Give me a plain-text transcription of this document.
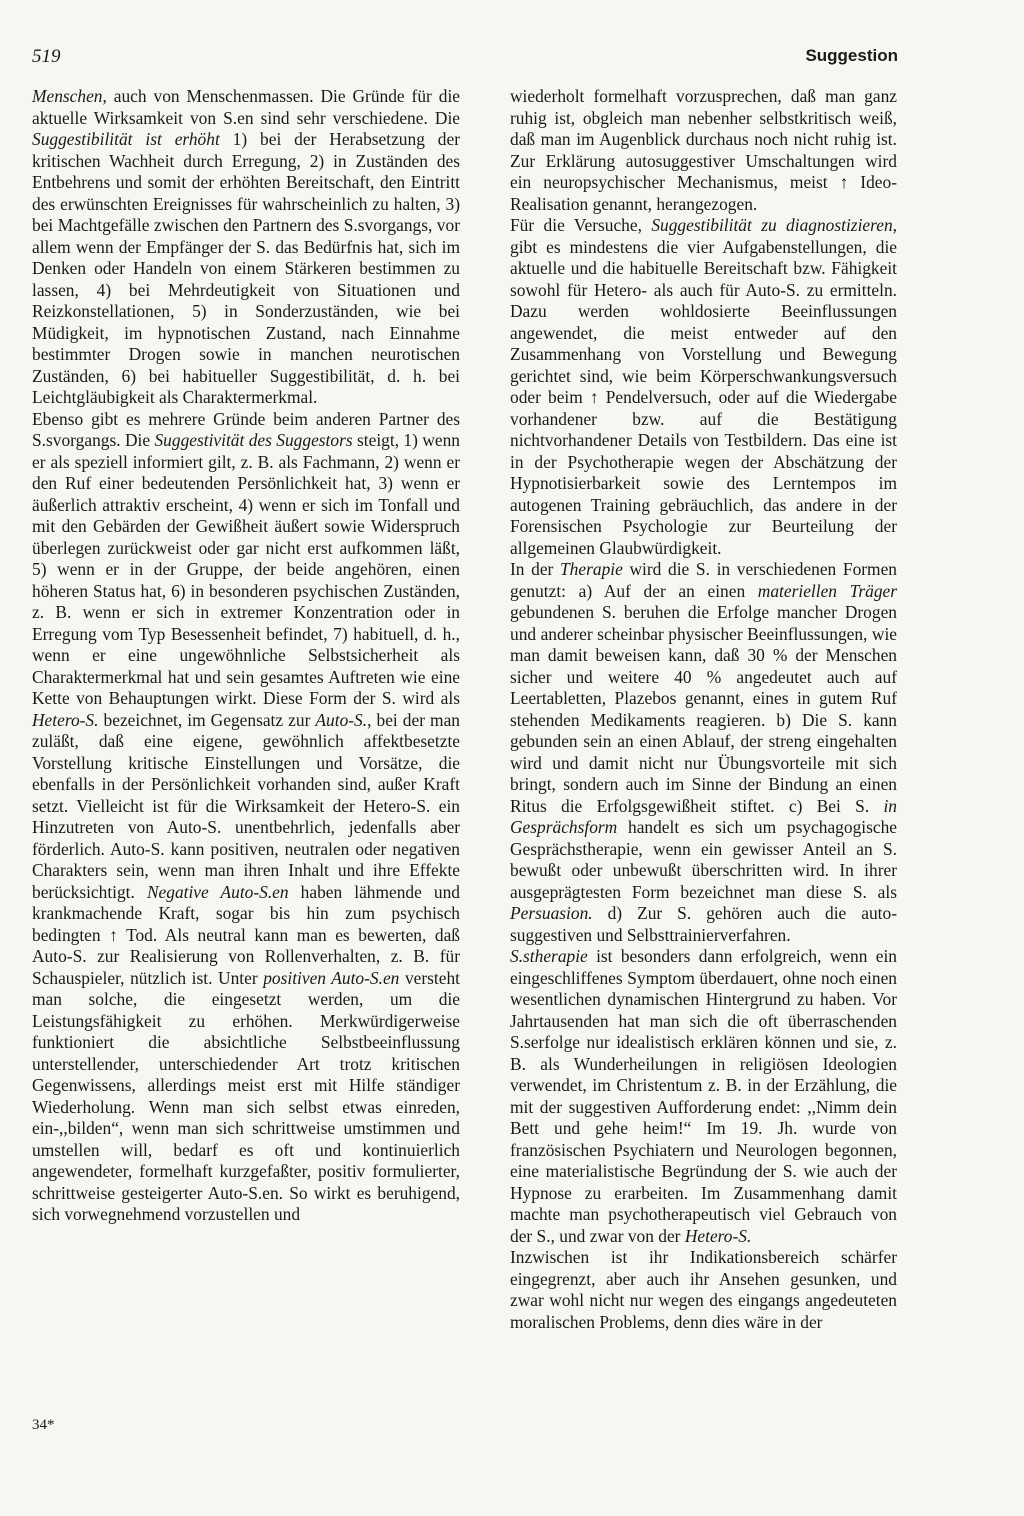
519	Suggestion

Menschen, auch von Menschenmassen. Die Gründe für die aktuelle Wirksamkeit von S.en sind sehr verschiedene. Die Suggestibilität ist erhöht 1) bei der Herabsetzung der kritischen Wachheit durch Erregung, 2) in Zuständen des Entbehrens und somit der erhöhten Bereitschaft, den Eintritt des erwünschten Ereignisses für wahrscheinlich zu halten, 3) bei Machtgefälle zwischen den Partnern des S.svorgangs, vor allem wenn der Empfänger der S. das Bedürfnis hat, sich im Denken oder Handeln von einem Stärkeren bestimmen zu lassen, 4) bei Mehrdeutigkeit von Situationen und Reizkonstellationen, 5) in Sonderzuständen, wie bei Müdigkeit, im hypnotischen Zustand, nach Einnahme bestimmter Drogen sowie in manchen neurotischen Zuständen, 6) bei habitueller Suggestibilität, d. h. bei Leichtgläubigkeit als Charaktermerkmal.

Ebenso gibt es mehrere Gründe beim anderen Partner des S.svorgangs. Die Suggestivität des Suggestors steigt, 1) wenn er als speziell informiert gilt, z. B. als Fachmann, 2) wenn er den Ruf einer bedeutenden Persönlichkeit hat, 3) wenn er äußerlich attraktiv erscheint, 4) wenn er sich im Tonfall und mit den Gebärden der Gewißheit äußert sowie Widerspruch überlegen zurückweist oder gar nicht erst aufkommen läßt, 5) wenn er in der Gruppe, der beide angehören, einen höheren Status hat, 6) in besonderen psychischen Zuständen, z. B. wenn er sich in extremer Konzentration oder in Erregung vom Typ Besessenheit befindet, 7) habituell, d. h., wenn er eine ungewöhnliche Selbstsicherheit als Charaktermerkmal hat und sein gesamtes Auftreten wie eine Kette von Behauptungen wirkt. Diese Form der S. wird als Hetero-S. bezeichnet, im Gegensatz zur Auto-S., bei der man zuläßt, daß eine eigene, gewöhnlich affektbesetzte Vorstellung kritische Einstellungen und Vorsätze, die ebenfalls in der Persönlichkeit vorhanden sind, außer Kraft setzt. Vielleicht ist für die Wirksamkeit der Hetero-S. ein Hinzutreten von Auto-S. unentbehrlich, jedenfalls aber förderlich. Auto-S. kann positiven, neutralen oder negativen Charakters sein, wenn man ihren Inhalt und ihre Effekte berücksichtigt. Negative Auto-S.en haben lähmende und krankmachende Kraft, sogar bis hin zum psychisch bedingten ↑ Tod. Als neutral kann man es bewerten, daß Auto-S. zur Realisierung von Rollenverhalten, z. B. für Schauspieler, nützlich ist. Unter positiven Auto-S.en versteht man solche, die eingesetzt werden, um die Leistungsfähigkeit zu erhöhen. Merkwürdigerweise funktioniert die absichtliche Selbstbeeinflussung unterstellender, unterschiedender Art trotz kritischen Gegenwissens, allerdings meist erst mit Hilfe ständiger Wiederholung. Wenn man sich selbst etwas einreden, ein-,,bilden“, wenn man sich schrittweise umstimmen und umstellen will, bedarf es oft und kontinuierlich angewendeter, formelhaft kurzgefaßter, positiv formulierter, schrittweise gesteigerter Auto-S.en. So wirkt es beruhigend, sich vorwegnehmend vorzustellen und

wiederholt formelhaft vorzusprechen, daß man ganz ruhig ist, obgleich man nebenher selbstkritisch weiß, daß man im Augenblick durchaus noch nicht ruhig ist. Zur Erklärung autosuggestiver Umschaltungen wird ein neuropsychischer Mechanismus, meist ↑ Ideo-Realisation genannt, herangezogen.

Für die Versuche, Suggestibilität zu diagnostizieren, gibt es mindestens die vier Aufgabenstellungen, die aktuelle und die habituelle Bereitschaft bzw. Fähigkeit sowohl für Hetero- als auch für Auto-S. zu ermitteln. Dazu werden wohldosierte Beeinflussungen angewendet, die meist entweder auf den Zusammenhang von Vorstellung und Bewegung gerichtet sind, wie beim Körperschwankungsversuch oder beim ↑ Pendelversuch, oder auf die Wiedergabe vorhandener bzw. auf die Bestätigung nichtvorhandener Details von Testbildern. Das eine ist in der Psychotherapie wegen der Abschätzung der Hypnotisierbarkeit sowie des Lerntempos im autogenen Training gebräuchlich, das andere in der Forensischen Psychologie zur Beurteilung der allgemeinen Glaubwürdigkeit.

In der Therapie wird die S. in verschiedenen Formen genutzt: a) Auf der an einen materiellen Träger gebundenen S. beruhen die Erfolge mancher Drogen und anderer scheinbar physischer Beeinflussungen, wie man damit beweisen kann, daß 30 % der Menschen sicher und weitere 40 % angedeutet auch auf Leertabletten, Plazebos genannt, eines in gutem Ruf stehenden Medikaments reagieren. b) Die S. kann gebunden sein an einen Ablauf, der streng eingehalten wird und damit nicht nur Übungsvorteile mit sich bringt, sondern auch im Sinne der Bindung an einen Ritus die Erfolgsgewißheit stiftet. c) Bei S. in Gesprächsform handelt es sich um psychagogische Gesprächstherapie, wenn ein gewisser Anteil an S. bewußt oder unbewußt überschritten wird. In ihrer ausgeprägtesten Form bezeichnet man diese S. als Persuasion. d) Zur S. gehören auch die auto-suggestiven und Selbsttrainierverfahren.

S.stherapie ist besonders dann erfolgreich, wenn ein eingeschliffenes Symptom überdauert, ohne noch einen wesentlichen dynamischen Hintergrund zu haben. Vor Jahrtausenden hat man sich die oft überraschenden S.serfolge nur idealistisch erklären können und sie, z. B. als Wunderheilungen in religiösen Ideologien verwendet, im Christentum z. B. in der Erzählung, die mit der suggestiven Aufforderung endet: ,,Nimm dein Bett und gehe heim!“ Im 19. Jh. wurde von französischen Psychiatern und Neurologen begonnen, eine materialistische Begründung der S. wie auch der Hypnose zu erarbeiten. Im Zusammenhang damit machte man psychotherapeutisch viel Gebrauch von der S., und zwar von der Hetero-S.

Inzwischen ist ihr Indikationsbereich schärfer eingegrenzt, aber auch ihr Ansehen gesunken, und zwar wohl nicht nur wegen des eingangs angedeuteten moralischen Problems, denn dies wäre in der

34*
